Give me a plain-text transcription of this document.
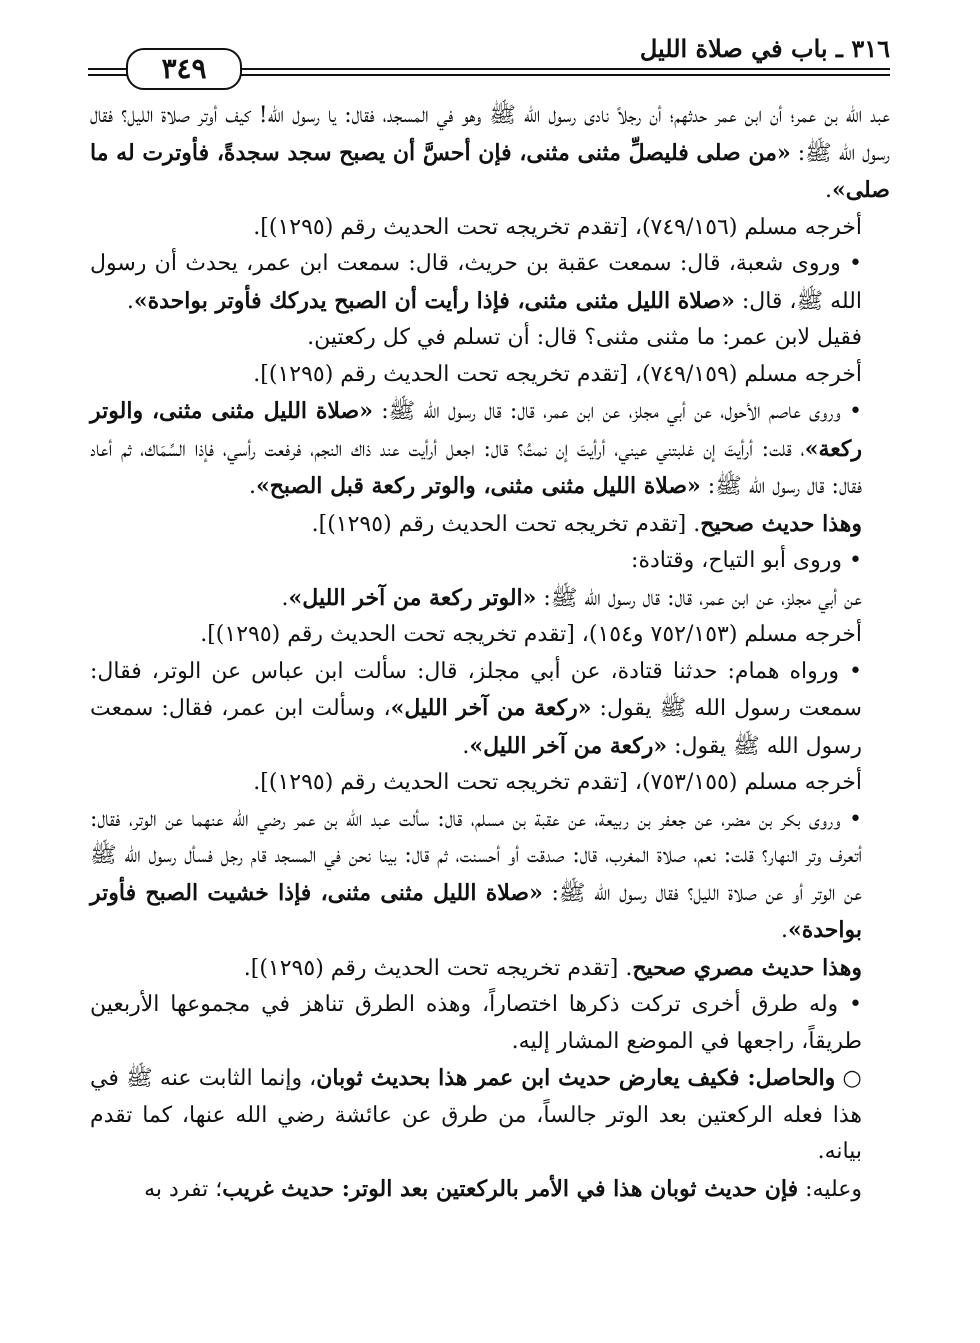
٣١٦ ـ باب في صلاة الليل
٣٤٩

عبد الله بن عمر؛ أن ابن عمر حدثهم؛ أن رجلاً نادى رسول الله ﷺ وهو في المسجد، فقال: يا رسول الله! كيف أوتر صلاة الليل؟ فقال رسول الله ﷺ: «من صلى فليصلِّ مثنى مثنى، فإن أحسَّ أن يصبح سجد سجدةً، فأوترت له ما صلى».

أخرجه مسلم (٧٤٩/١٥٦)، [تقدم تخريجه تحت الحديث رقم (١٢٩٥)].

• وروى شعبة، قال: سمعت عقبة بن حريث، قال: سمعت ابن عمر، يحدث أن رسول الله ﷺ، قال: «صلاة الليل مثنى مثنى، فإذا رأيت أن الصبح يدركك فأوتر بواحدة».

فقيل لابن عمر: ما مثنى مثنى؟ قال: أن تسلم في كل ركعتين.

أخرجه مسلم (٧٤٩/١٥٩)، [تقدم تخريجه تحت الحديث رقم (١٢٩٥)].

• وروى عاصم الأحول، عن أبي مجلز، عن ابن عمر، قال: قال رسول الله ﷺ: «صلاة الليل مثنى مثنى، والوتر ركعة»، قلت: أرأيتَ إن غلبتني عيني، أرأيتَ إن نمتُ؟ قال: اجعل أرأيت عند ذاك النجم، فرفعت رأسي، فإذا السِّمَاك، ثم أعاد فقال: قال رسول الله ﷺ: «صلاة الليل مثنى مثنى، والوتر ركعة قبل الصبح».

وهذا حديث صحيح. [تقدم تخريجه تحت الحديث رقم (١٢٩٥)].

• وروى أبو التياح، وقتادة:

عن أبي مجلز، عن ابن عمر، قال: قال رسول الله ﷺ: «الوتر ركعة من آخر الليل».

أخرجه مسلم (٧٥٢/١٥٣ و١٥٤)، [تقدم تخريجه تحت الحديث رقم (١٢٩٥)].

• ورواه همام: حدثنا قتادة، عن أبي مجلز، قال: سألت ابن عباس عن الوتر، فقال: سمعت رسول الله ﷺ يقول: «ركعة من آخر الليل»، وسألت ابن عمر، فقال: سمعت رسول الله ﷺ يقول: «ركعة من آخر الليل».

أخرجه مسلم (٧٥٣/١٥٥)، [تقدم تخريجه تحت الحديث رقم (١٢٩٥)].

• وروى بكر بن مضر، عن جعفر بن ربيعة، عن عقبة بن مسلم، قال: سألت عبد الله بن عمر رضي الله عنهما عن الوتر، فقال: أتعرف وتر النهار؟ قلت: نعم، صلاة المغرب، قال: صدقت أو أحسنت، ثم قال: بينا نحن في المسجد قام رجل فسأل رسول الله ﷺ عن الوتر أو عن صلاة الليل؟ فقال رسول الله ﷺ: «صلاة الليل مثنى مثنى، فإذا خشيت الصبح فأوتر بواحدة».

وهذا حديث مصري صحيح. [تقدم تخريجه تحت الحديث رقم (١٢٩٥)].

• وله طرق أخرى تركت ذكرها اختصاراً، وهذه الطرق تناهز في مجموعها الأربعين طريقاً، راجعها في الموضع المشار إليه.

○ والحاصل: فكيف يعارض حديث ابن عمر هذا بحديث ثوبان، وإنما الثابت عنه ﷺ في هذا فعله الركعتين بعد الوتر جالساً، من طرق عن عائشة رضي الله عنها، كما تقدم بيانه.

وعليه: فإن حديث ثوبان هذا في الأمر بالركعتين بعد الوتر: حديث غريب؛ تفرد به
